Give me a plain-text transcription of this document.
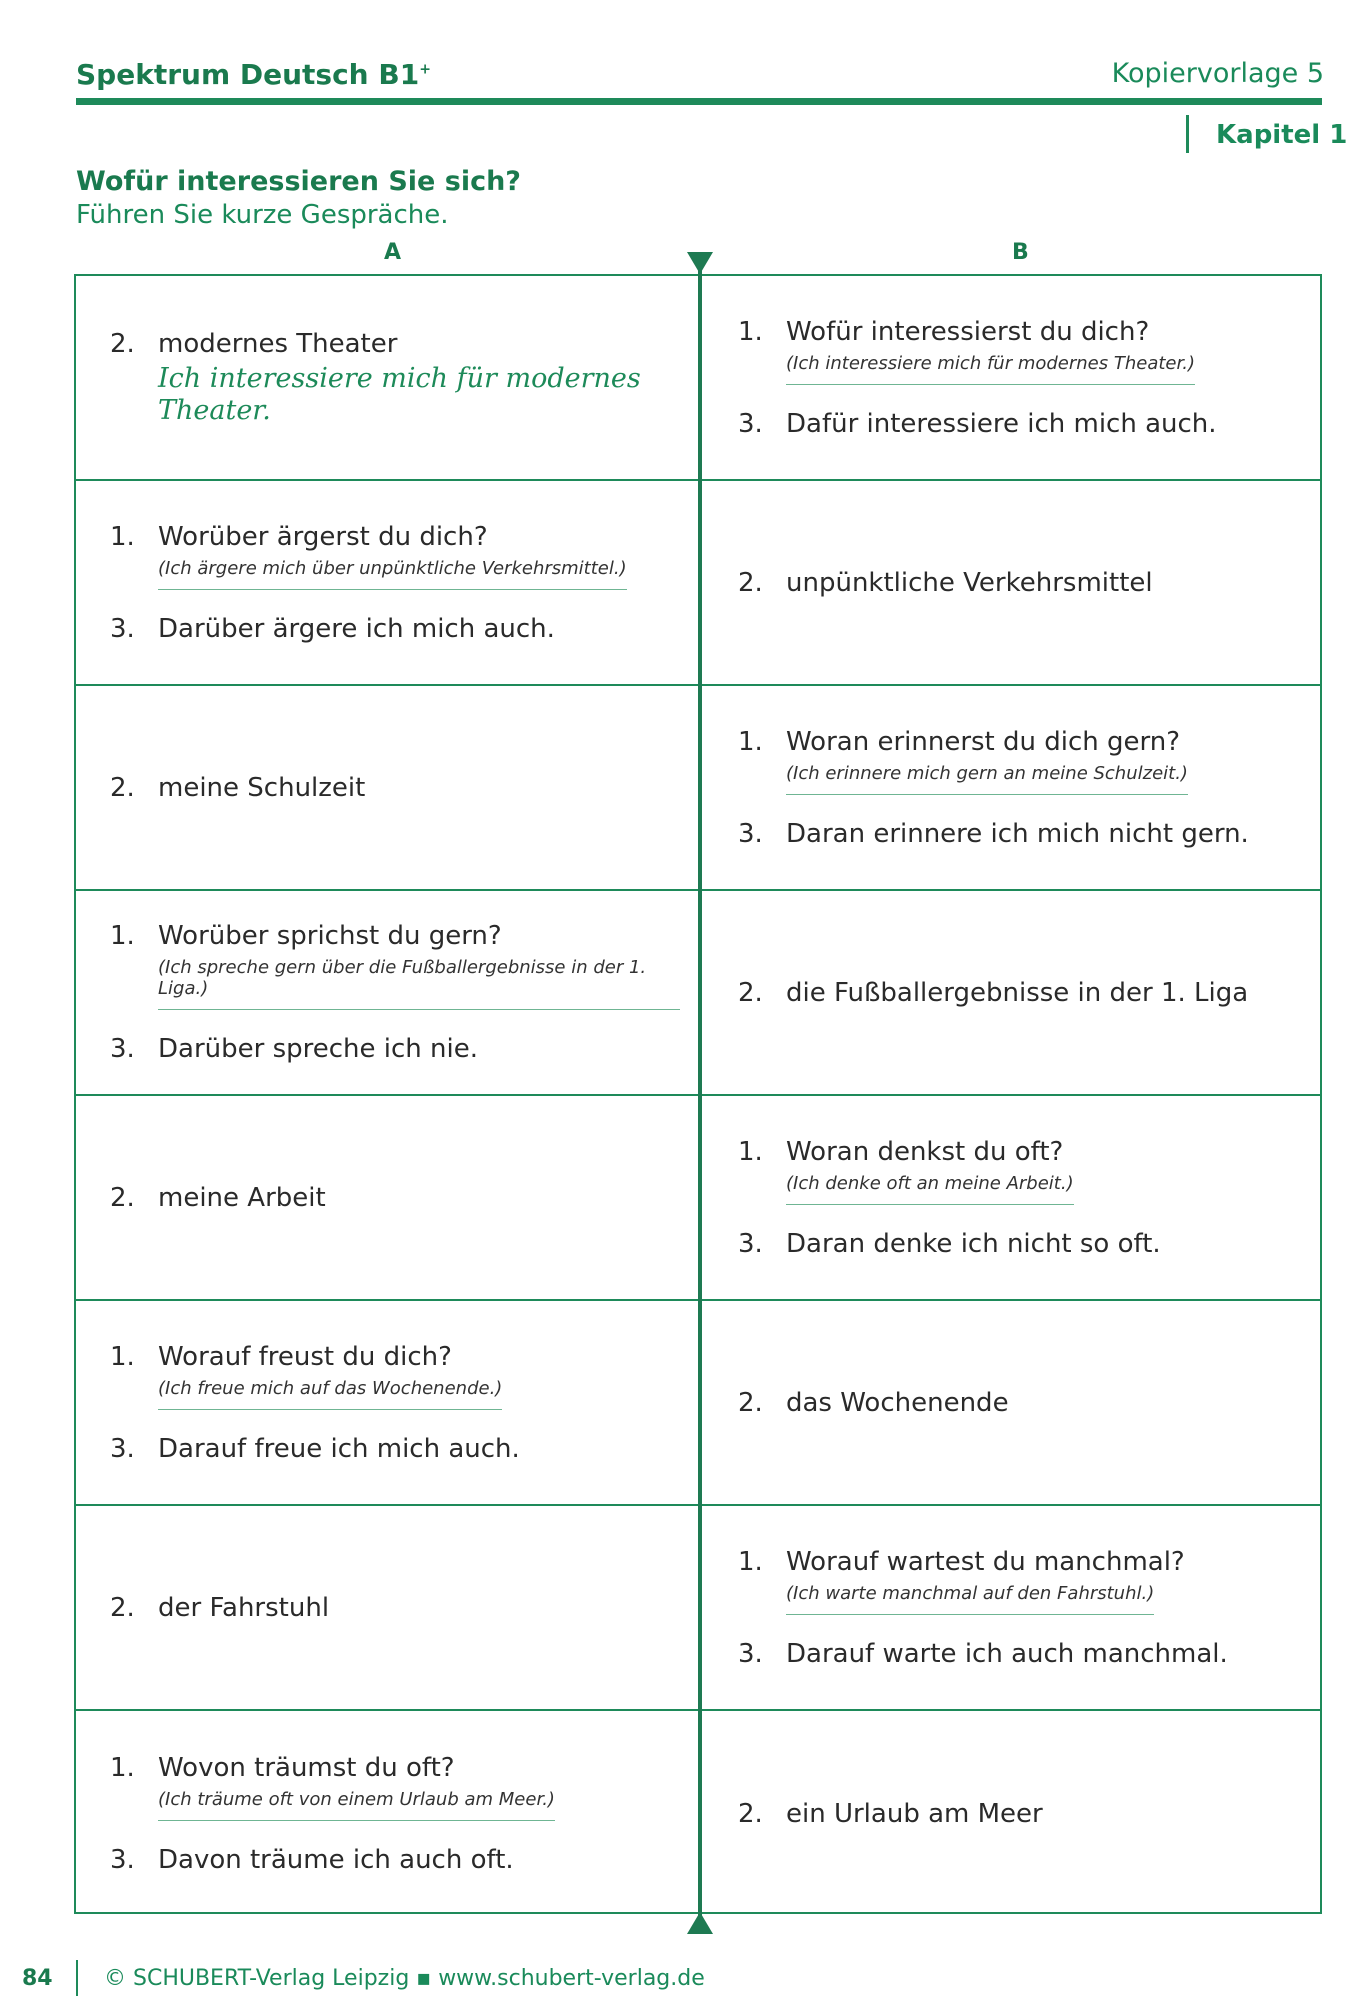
Spektrum Deutsch B1+	Kopiervorlage 5
Kapitel 1
Wofür interessieren Sie sich?
Führen Sie kurze Gespräche.
A	B
2. modernes Theater
Ich interessiere mich für modernes Theater.
1. Wofür interessierst du dich?
(Ich interessiere mich für modernes Theater.)
3. Dafür interessiere ich mich auch.
1. Worüber ärgerst du dich?
(Ich ärgere mich über unpünktliche Verkehrsmittel.)
3. Darüber ärgere ich mich auch.
2. unpünktliche Verkehrsmittel
2. meine Schulzeit
1. Woran erinnerst du dich gern?
(Ich erinnere mich gern an meine Schulzeit.)
3. Daran erinnere ich mich nicht gern.
1. Worüber sprichst du gern?
(Ich spreche gern über die Fußballergebnisse in der 1. Liga.)
3. Darüber spreche ich nie.
2. die Fußballergebnisse in der 1. Liga
2. meine Arbeit
1. Woran denkst du oft?
(Ich denke oft an meine Arbeit.)
3. Daran denke ich nicht so oft.
1. Worauf freust du dich?
(Ich freue mich auf das Wochenende.)
3. Darauf freue ich mich auch.
2. das Wochenende
2. der Fahrstuhl
1. Worauf wartest du manchmal?
(Ich warte manchmal auf den Fahrstuhl.)
3. Darauf warte ich auch manchmal.
1. Wovon träumst du oft?
(Ich träume oft von einem Urlaub am Meer.)
3. Davon träume ich auch oft.
2. ein Urlaub am Meer
84 © SCHUBERT-Verlag Leipzig ▪ www.schubert-verlag.de
